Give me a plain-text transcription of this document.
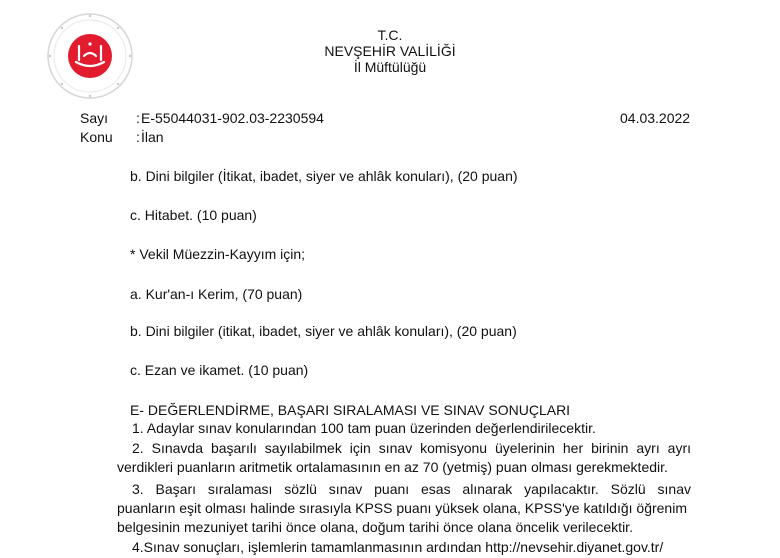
T.C.
NEVŞEHİR VALİLİĞİ
İl Müftülüğü
Sayı : E-55044031-902.03-2230594	04.03.2022
Konu : İlan
b. Dini bilgiler (İtikat, ibadet, siyer ve ahlâk konuları), (20 puan)
c. Hitabet. (10 puan)
* Vekil Müezzin-Kayyım için;
a. Kur'an-ı Kerim, (70 puan)
b. Dini bilgiler (itikat, ibadet, siyer ve ahlâk konuları), (20 puan)
c. Ezan ve ikamet. (10 puan)
E- DEĞERLENDİRME, BAŞARI SIRALAMASI VE SINAV SONUÇLARI
1. Adaylar sınav konularından 100 tam puan üzerinden değerlendirilecektir.
2. Sınavda başarılı sayılabilmek için sınav komisyonu üyelerinin her birinin ayrı ayrı
verdikleri puanların aritmetik ortalamasının en az 70 (yetmiş) puan olması gerekmektedir.
3. Başarı sıralaması sözlü sınav puanı esas alınarak yapılacaktır. Sözlü sınav
puanların eşit olması halinde sırasıyla KPSS puanı yüksek olana, KPSS'ye katıldığı öğrenim
belgesinin mezuniyet tarihi önce olana, doğum tarihi önce olana öncelik verilecektir.
4.Sınav sonuçları, işlemlerin tamamlanmasının ardından http://nevsehir.diyanet.gov.tr/
